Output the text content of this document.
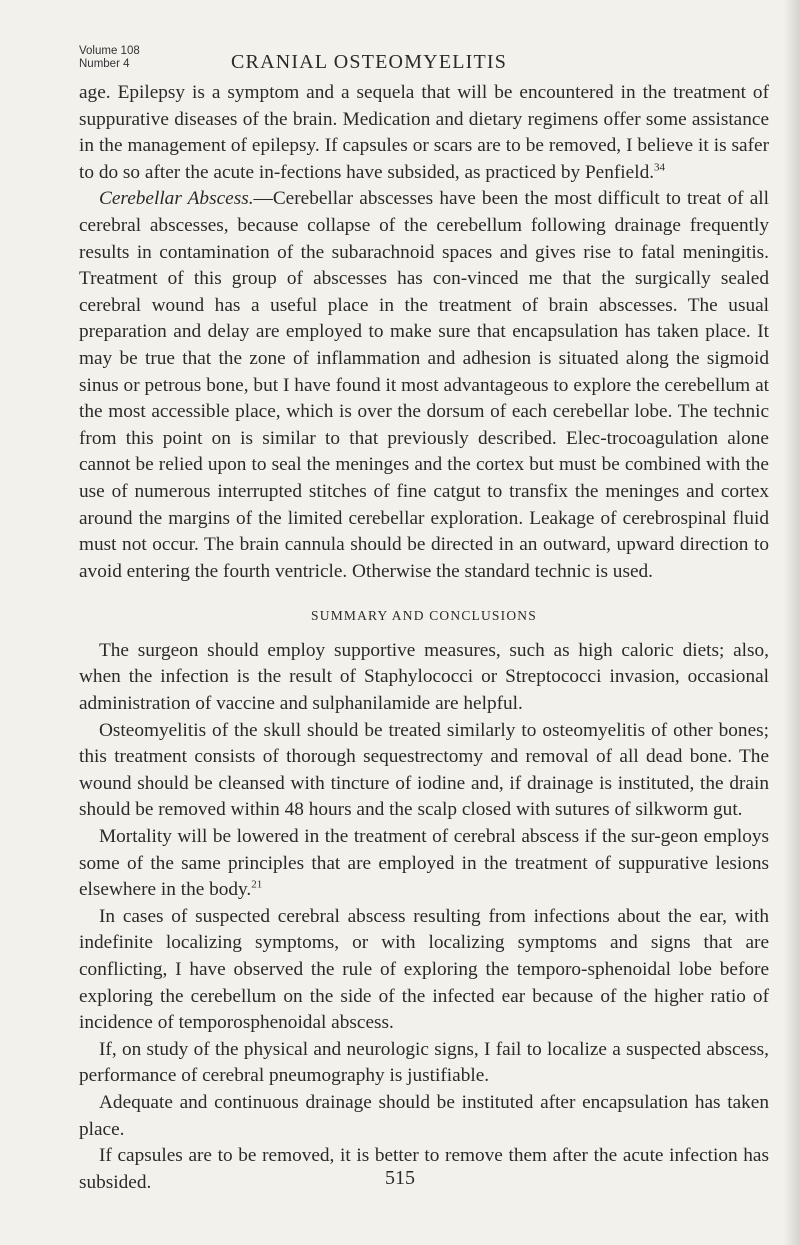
Volume 108
Number 4	CRANIAL OSTEOMYELITIS

age. Epilepsy is a symptom and a sequela that will be encountered in the treatment of suppurative diseases of the brain. Medication and dietary regimens offer some assistance in the management of epilepsy. If capsules or scars are to be removed, I believe it is safer to do so after the acute in-fections have subsided, as practiced by Penfield.$^{34}$

Cerebellar Abscess.—Cerebellar abscesses have been the most difficult to treat of all cerebral abscesses, because collapse of the cerebellum following drainage frequently results in contamination of the subarachnoid spaces and gives rise to fatal meningitis. Treatment of this group of abscesses has con-vinced me that the surgically sealed cerebral wound has a useful place in the treatment of brain abscesses. The usual preparation and delay are employed to make sure that encapsulation has taken place. It may be true that the zone of inflammation and adhesion is situated along the sigmoid sinus or petrous bone, but I have found it most advantageous to explore the cerebellum at the most accessible place, which is over the dorsum of each cerebellar lobe. The technic from this point on is similar to that previously described. Elec-trocoagulation alone cannot be relied upon to seal the meninges and the cortex but must be combined with the use of numerous interrupted stitches of fine catgut to transfix the meninges and cortex around the margins of the limited cerebellar exploration. Leakage of cerebrospinal fluid must not occur. The brain cannula should be directed in an outward, upward direction to avoid entering the fourth ventricle. Otherwise the standard technic is used.

SUMMARY AND CONCLUSIONS

The surgeon should employ supportive measures, such as high caloric diets; also, when the infection is the result of Staphylococci or Streptococci invasion, occasional administration of vaccine and sulphanilamide are helpful.

Osteomyelitis of the skull should be treated similarly to osteomyelitis of other bones; this treatment consists of thorough sequestrectomy and removal of all dead bone. The wound should be cleansed with tincture of iodine and, if drainage is instituted, the drain should be removed within 48 hours and the scalp closed with sutures of silkworm gut.

Mortality will be lowered in the treatment of cerebral abscess if the sur-geon employs some of the same principles that are employed in the treatment of suppurative lesions elsewhere in the body.$^{21}$

In cases of suspected cerebral abscess resulting from infections about the ear, with indefinite localizing symptoms, or with localizing symptoms and signs that are conflicting, I have observed the rule of exploring the temporo-sphenoidal lobe before exploring the cerebellum on the side of the infected ear because of the higher ratio of incidence of temporosphenoidal abscess.

If, on study of the physical and neurologic signs, I fail to localize a suspected abscess, performance of cerebral pneumography is justifiable.

Adequate and continuous drainage should be instituted after encapsulation has taken place.

If capsules are to be removed, it is better to remove them after the acute infection has subsided.	515
